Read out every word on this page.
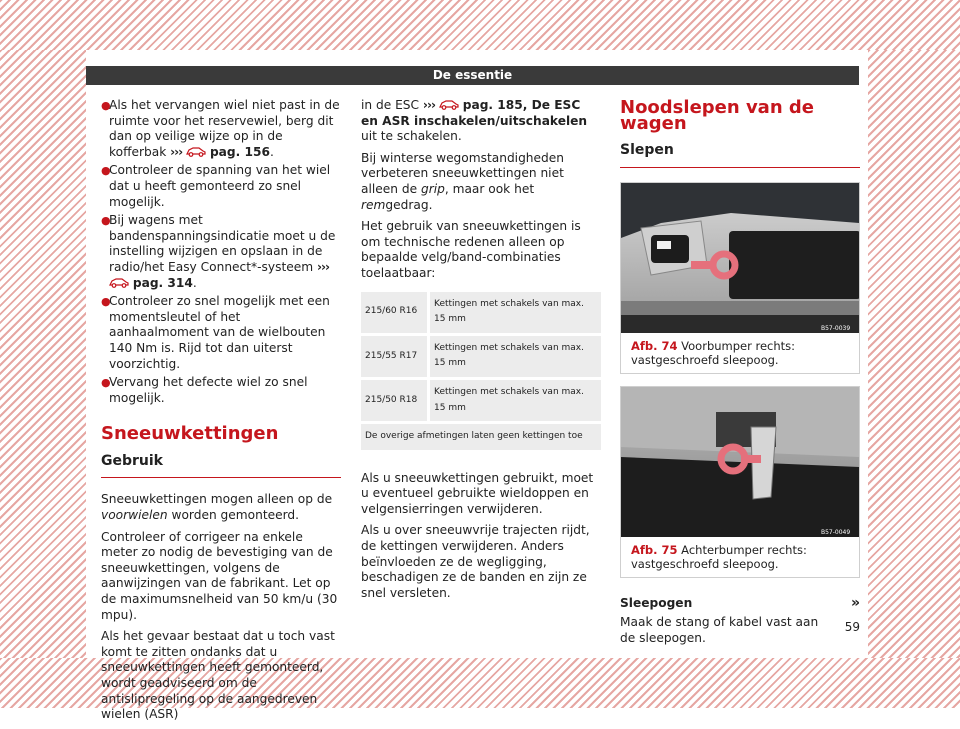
De essentie
●
Als het vervangen wiel niet past in de ruimte voor het reservewiel, berg dit dan op veilige wijze op in de kofferbak ››› pag. 156.
●
Controleer de spanning van het wiel dat u heeft gemonteerd zo snel mogelijk.
●
Bij wagens met bandenspanningsindicatie moet u de instelling wijzigen en opslaan in de radio/het Easy Connect*-systeem ›››  pag. 314.
●
Controleer zo snel mogelijk met een momentsleutel of het aanhaalmoment van de wielbouten 140 Nm is. Rijd tot dan uiterst voorzichtig.
●
Vervang het defecte wiel zo snel mogelijk.
Sneeuwkettingen
Gebruik

Sneeuwkettingen mogen alleen op de voorwielen worden gemonteerd.

Controleer of corrigeer na enkele meter zo nodig de bevestiging van de sneeuwkettingen, volgens de aanwijzingen van de fabrikant. Let op de maximumsnelheid van 50 km/u (30 mpu).

Als het gevaar bestaat dat u toch vast komt te zitten ondanks dat u sneeuwkettingen heeft gemonteerd, wordt geadviseerd om de antislipregeling op de aangedreven wielen (ASR)

in de ESC ››› pag. 185, De ESC en ASR inschakelen/uitschakelen uit te schakelen.

Bij winterse wegomstandigheden verbeteren sneeuwkettingen niet alleen de grip, maar ook het remgedrag.

Het gebruik van sneeuwkettingen is om technische redenen alleen op bepaalde velg/band-combinaties toelaatbaar:

215/60 R16	Kettingen met schakels van max. 15 mm
215/55 R17	Kettingen met schakels van max. 15 mm
215/50 R18	Kettingen met schakels van max. 15 mm
De overige afmetingen laten geen kettingen toe	

Als u sneeuwkettingen gebruikt, moet u eventueel gebruikte wieldoppen en velgensierringen verwijderen.

Als u over sneeuwvrije trajecten rijdt, de kettingen verwijderen. Anders beïnvloeden ze de wegligging, beschadigen ze de banden en zijn ze snel versleten.

Noodslepen van de wagen
Slepen
B57-0039
Afb. 74 Voorbumper rechts: vastgeschroefd sleepoog.
B57-0049
Afb. 75 Achterbumper rechts: vastgeschroefd sleepoog.
Sleepogen

Maak de stang of kabel vast aan de sleepogen.

»
59
